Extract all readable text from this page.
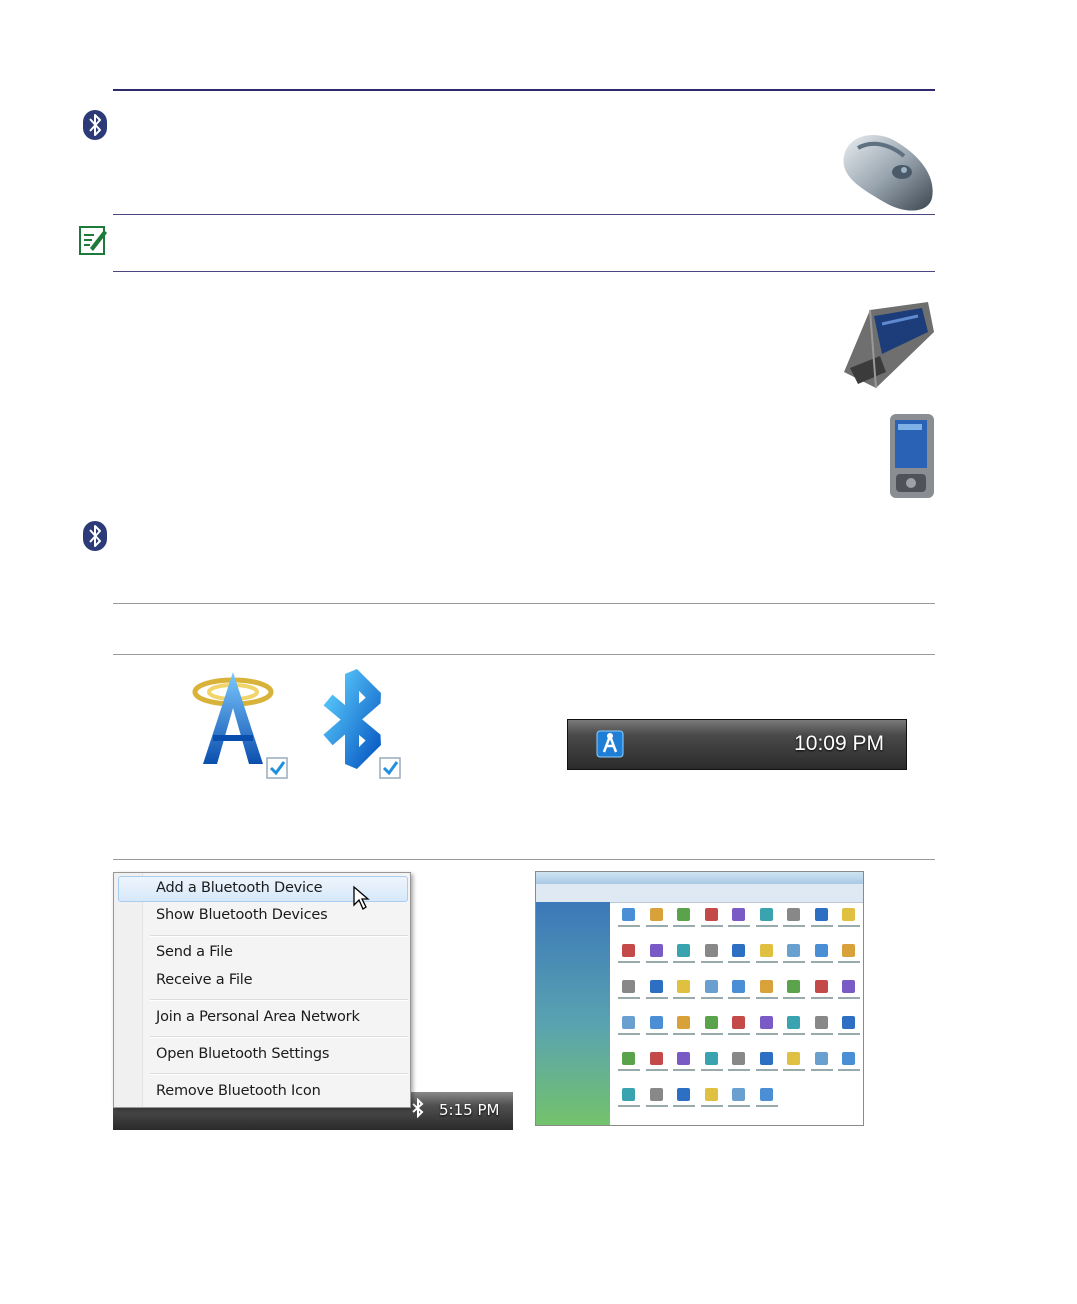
10:09 PM
5:15 PM
Add a Bluetooth Device
Show Bluetooth Devices
Send a File
Receive a File
Join a Personal Area Network
Open Bluetooth Settings
Remove Bluetooth Icon
